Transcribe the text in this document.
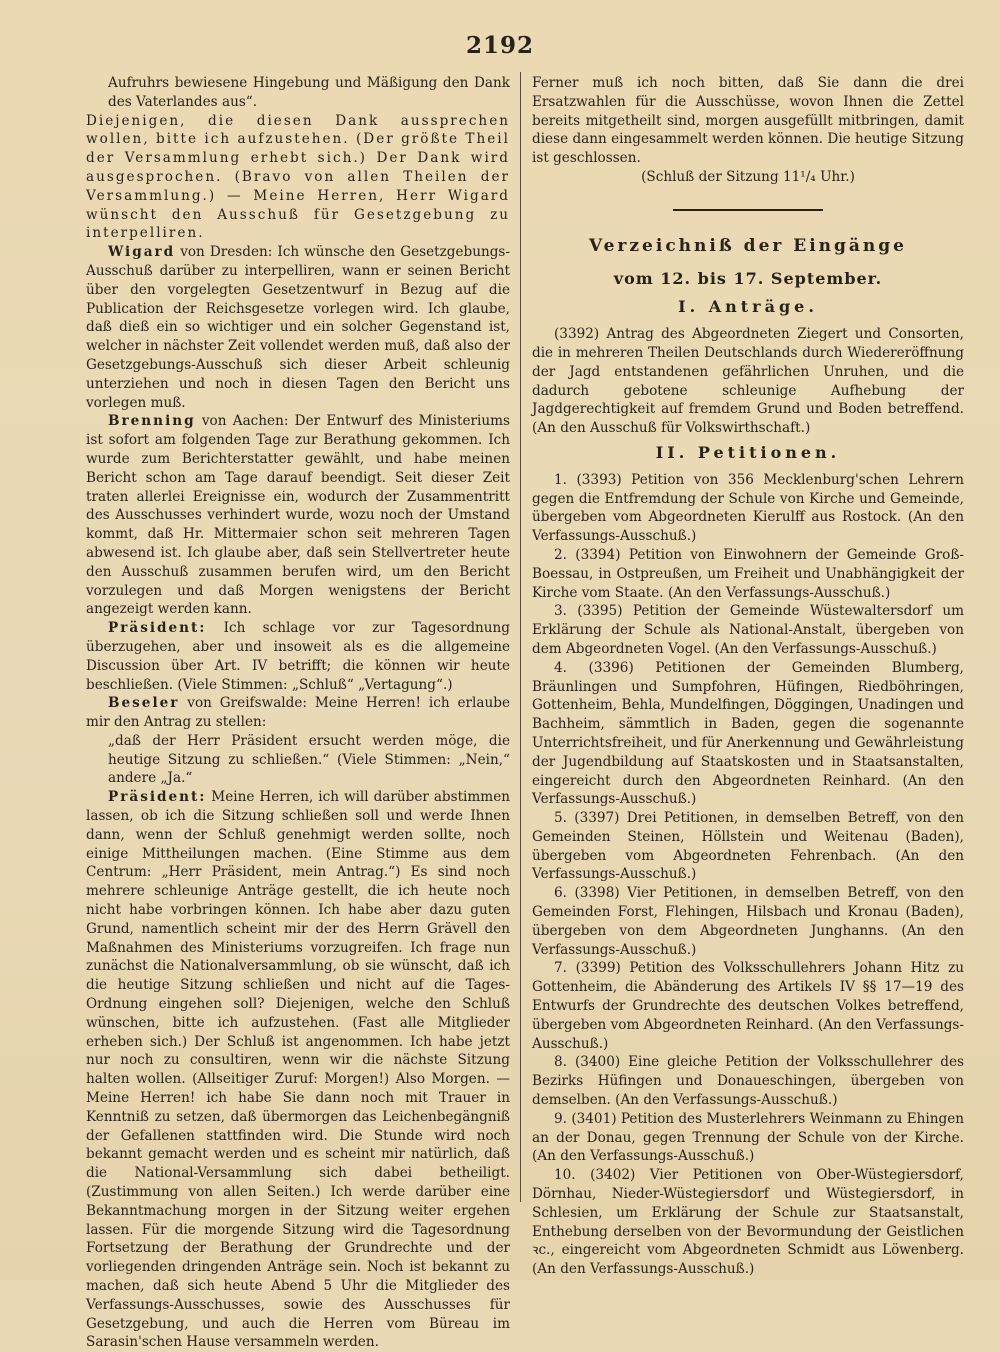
2192

Aufruhrs bewiesene Hingebung und Mäßigung den Dank des Vaterlandes aus“.

Diejenigen, die diesen Dank aussprechen wollen, bitte ich aufzustehen. (Der größte Theil der Versammlung erhebt sich.) Der Dank wird ausgesprochen. (Bravo von allen Theilen der Versammlung.) — Meine Herren, Herr Wigard wünscht den Ausschuß für Gesetzgebung zu interpelliren.

Wigard von Dresden: Ich wünsche den Gesetzgebungs-Ausschuß darüber zu interpelliren, wann er seinen Bericht über den vorgelegten Gesetzentwurf in Bezug auf die Publication der Reichsgesetze vorlegen wird. Ich glaube, daß dieß ein so wichtiger und ein solcher Gegenstand ist, welcher in nächster Zeit vollendet werden muß, daß also der Gesetzgebungs-Ausschuß sich dieser Arbeit schleunig unterziehen und noch in diesen Tagen den Bericht uns vorlegen muß.

Brenning von Aachen: Der Entwurf des Ministeriums ist sofort am folgenden Tage zur Berathung gekommen. Ich wurde zum Berichterstatter gewählt, und habe meinen Bericht schon am Tage darauf beendigt. Seit dieser Zeit traten allerlei Ereignisse ein, wodurch der Zusammentritt des Ausschusses verhindert wurde, wozu noch der Umstand kommt, daß Hr. Mittermaier schon seit mehreren Tagen abwesend ist. Ich glaube aber, daß sein Stellvertreter heute den Ausschuß zusammen berufen wird, um den Bericht vorzulegen und daß Morgen wenigstens der Bericht angezeigt werden kann.

Präsident: Ich schlage vor zur Tagesordnung überzugehen, aber und insoweit als es die allgemeine Discussion über Art. IV betrifft; die können wir heute beschließen. (Viele Stimmen: „Schluß“ „Vertagung“.)

Beseler von Greifswalde: Meine Herren! ich erlaube mir den Antrag zu stellen:

„daß der Herr Präsident ersucht werden möge, die heutige Sitzung zu schließen.“ (Viele Stimmen: „Nein,“ andere „Ja.“

Präsident: Meine Herren, ich will darüber abstimmen lassen, ob ich die Sitzung schließen soll und werde Ihnen dann, wenn der Schluß genehmigt werden sollte, noch einige Mittheilungen machen. (Eine Stimme aus dem Centrum: „Herr Präsident, mein Antrag.“) Es sind noch mehrere schleunige Anträge gestellt, die ich heute noch nicht habe vorbringen können. Ich habe aber dazu guten Grund, namentlich scheint mir der des Herrn Grävell den Maßnahmen des Ministeriums vorzugreifen. Ich frage nun zunächst die Nationalversammlung, ob sie wünscht, daß ich die heutige Sitzung schließen und nicht auf die Tages-Ordnung eingehen soll? Diejenigen, welche den Schluß wünschen, bitte ich aufzustehen. (Fast alle Mitglieder erheben sich.) Der Schluß ist angenommen. Ich habe jetzt nur noch zu consultiren, wenn wir die nächste Sitzung halten wollen. (Allseitiger Zuruf: Morgen!) Also Morgen. — Meine Herren! ich habe Sie dann noch mit Trauer in Kenntniß zu setzen, daß übermorgen das Leichenbegängniß der Gefallenen stattfinden wird. Die Stunde wird noch bekannt gemacht werden und es scheint mir natürlich, daß die National-Versammlung sich dabei betheiligt. (Zustimmung von allen Seiten.) Ich werde darüber eine Bekanntmachung morgen in der Sitzung weiter ergehen lassen. Für die morgende Sitzung wird die Tagesordnung Fortsetzung der Berathung der Grundrechte und der vorliegenden dringenden Anträge sein. Noch ist bekannt zu machen, daß sich heute Abend 5 Uhr die Mitglieder des Verfassungs-Ausschusses, sowie des Ausschusses für Gesetzgebung, und auch die Herren vom Büreau im Sarasin'schen Hause versammeln werden.

Ferner muß ich noch bitten, daß Sie dann die drei Ersatzwahlen für die Ausschüsse, wovon Ihnen die Zettel bereits mitgetheilt sind, morgen ausgefüllt mitbringen, damit diese dann eingesammelt werden können. Die heutige Sitzung ist geschlossen.

(Schluß der Sitzung 11¹/₄ Uhr.)

Verzeichniß der Eingänge
vom 12. bis 17. September.
I. Anträge.

(3392) Antrag des Abgeordneten Ziegert und Consorten, die in mehreren Theilen Deutschlands durch Wiedereröffnung der Jagd entstandenen gefährlichen Unruhen, und die dadurch gebotene schleunige Aufhebung der Jagdgerechtigkeit auf fremdem Grund und Boden betreffend. (An den Ausschuß für Volkswirthschaft.)

II. Petitionen.

1. (3393) Petition von 356 Mecklenburg'schen Lehrern gegen die Entfremdung der Schule von Kirche und Gemeinde, übergeben vom Abgeordneten Kierulff aus Rostock. (An den Verfassungs-Ausschuß.)

2. (3394) Petition von Einwohnern der Gemeinde Groß-Boessau, in Ostpreußen, um Freiheit und Unabhängigkeit der Kirche vom Staate. (An den Verfassungs-Ausschuß.)

3. (3395) Petition der Gemeinde Wüstewaltersdorf um Erklärung der Schule als National-Anstalt, übergeben von dem Abgeordneten Vogel. (An den Verfassungs-Ausschuß.)

4. (3396) Petitionen der Gemeinden Blumberg, Bräunlingen und Sumpfohren, Hüfingen, Riedböhringen, Gottenheim, Behla, Mundelfingen, Döggingen, Unadingen und Bachheim, sämmtlich in Baden, gegen die sogenannte Unterrichtsfreiheit, und für Anerkennung und Gewährleistung der Jugendbildung auf Staatskosten und in Staatsanstalten, eingereicht durch den Abgeordneten Reinhard. (An den Verfassungs-Ausschuß.)

5. (3397) Drei Petitionen, in demselben Betreff, von den Gemeinden Steinen, Höllstein und Weitenau (Baden), übergeben vom Abgeordneten Fehrenbach. (An den Verfassungs-Ausschuß.)

6. (3398) Vier Petitionen, in demselben Betreff, von den Gemeinden Forst, Flehingen, Hilsbach und Kronau (Baden), übergeben von dem Abgeordneten Junghanns. (An den Verfassungs-Ausschuß.)

7. (3399) Petition des Volksschullehrers Johann Hitz zu Gottenheim, die Abänderung des Artikels IV §§ 17—19 des Entwurfs der Grundrechte des deutschen Volkes betreffend, übergeben vom Abgeordneten Reinhard. (An den Verfassungs-Ausschuß.)

8. (3400) Eine gleiche Petition der Volksschullehrer des Bezirks Hüfingen und Donaueschingen, übergeben von demselben. (An den Verfassungs-Ausschuß.)

9. (3401) Petition des Musterlehrers Weinmann zu Ehingen an der Donau, gegen Trennung der Schule von der Kirche. (An den Verfassungs-Ausschuß.)

10. (3402) Vier Petitionen von Ober-Wüstegiersdorf, Dörnhau, Nieder-Wüstegiersdorf und Wüstegiersdorf, in Schlesien, um Erklärung der Schule zur Staatsanstalt, Enthebung derselben von der Bevormundung der Geistlichen ꝛc., eingereicht vom Abgeordneten Schmidt aus Löwenberg. (An den Verfassungs-Ausschuß.)
